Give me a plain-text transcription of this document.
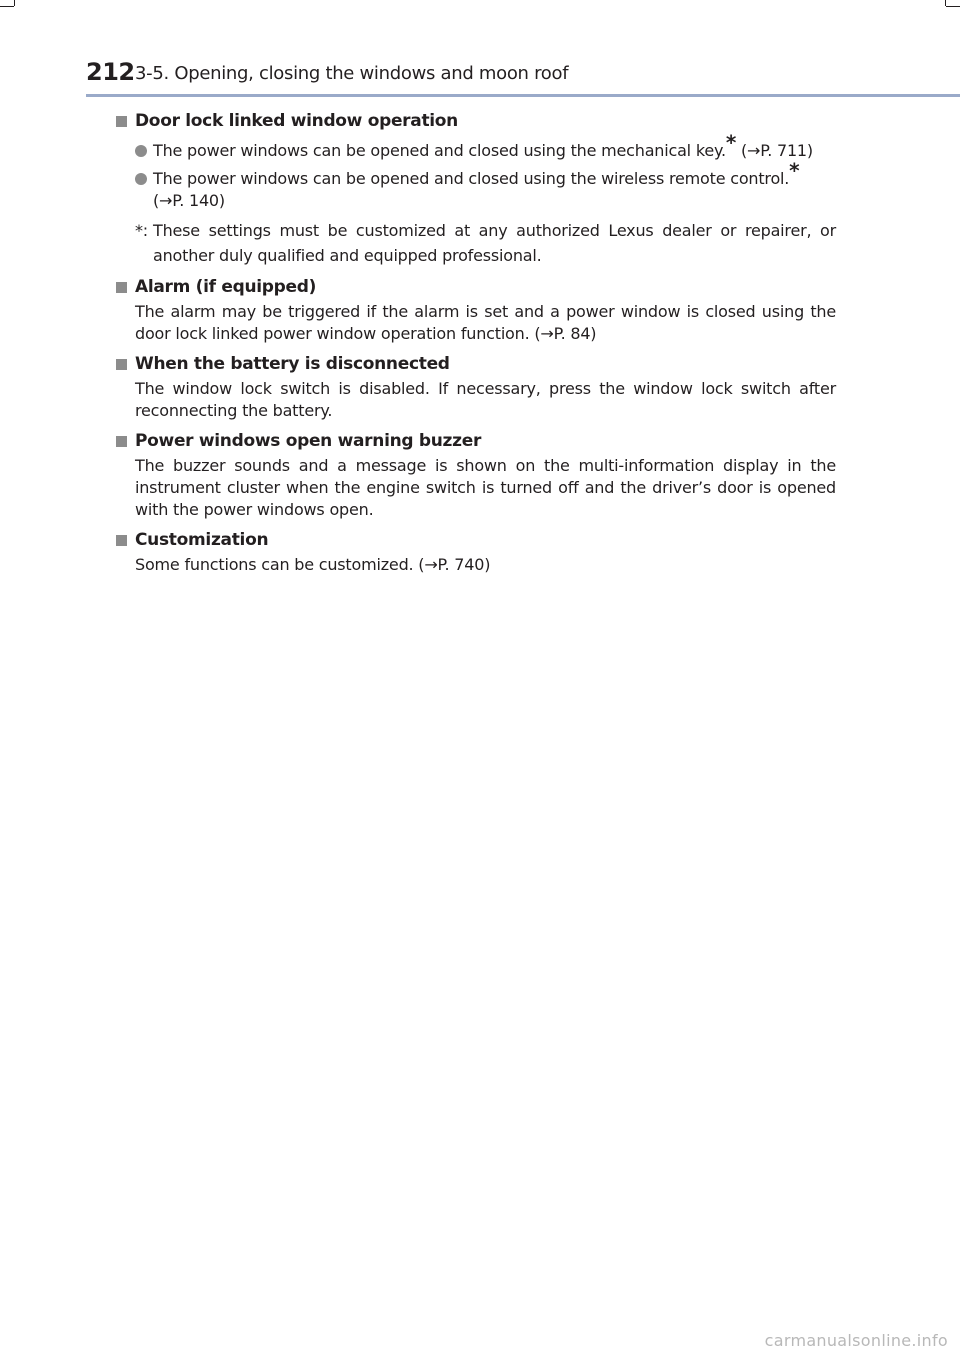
212 3-5. Opening, closing the windows and moon roof
Door lock linked window operation
The power windows can be opened and closed using the mechanical key.* (→P. 711)
The power windows can be opened and closed using the wireless remote control.*
(→P. 140)
*: These settings must be customized at any authorized Lexus dealer or repairer, or another duly qualified and equipped professional.
Alarm (if equipped)
The alarm may be triggered if the alarm is set and a power window is closed using the door lock linked power window operation function. (→P. 84)
When the battery is disconnected
The window lock switch is disabled. If necessary, press the window lock switch after reconnecting the battery.
Power windows open warning buzzer
The buzzer sounds and a message is shown on the multi-information display in the instrument cluster when the engine switch is turned off and the driver’s door is opened with the power windows open.
Customization
Some functions can be customized. (→P. 740)
carmanualsonline.info
